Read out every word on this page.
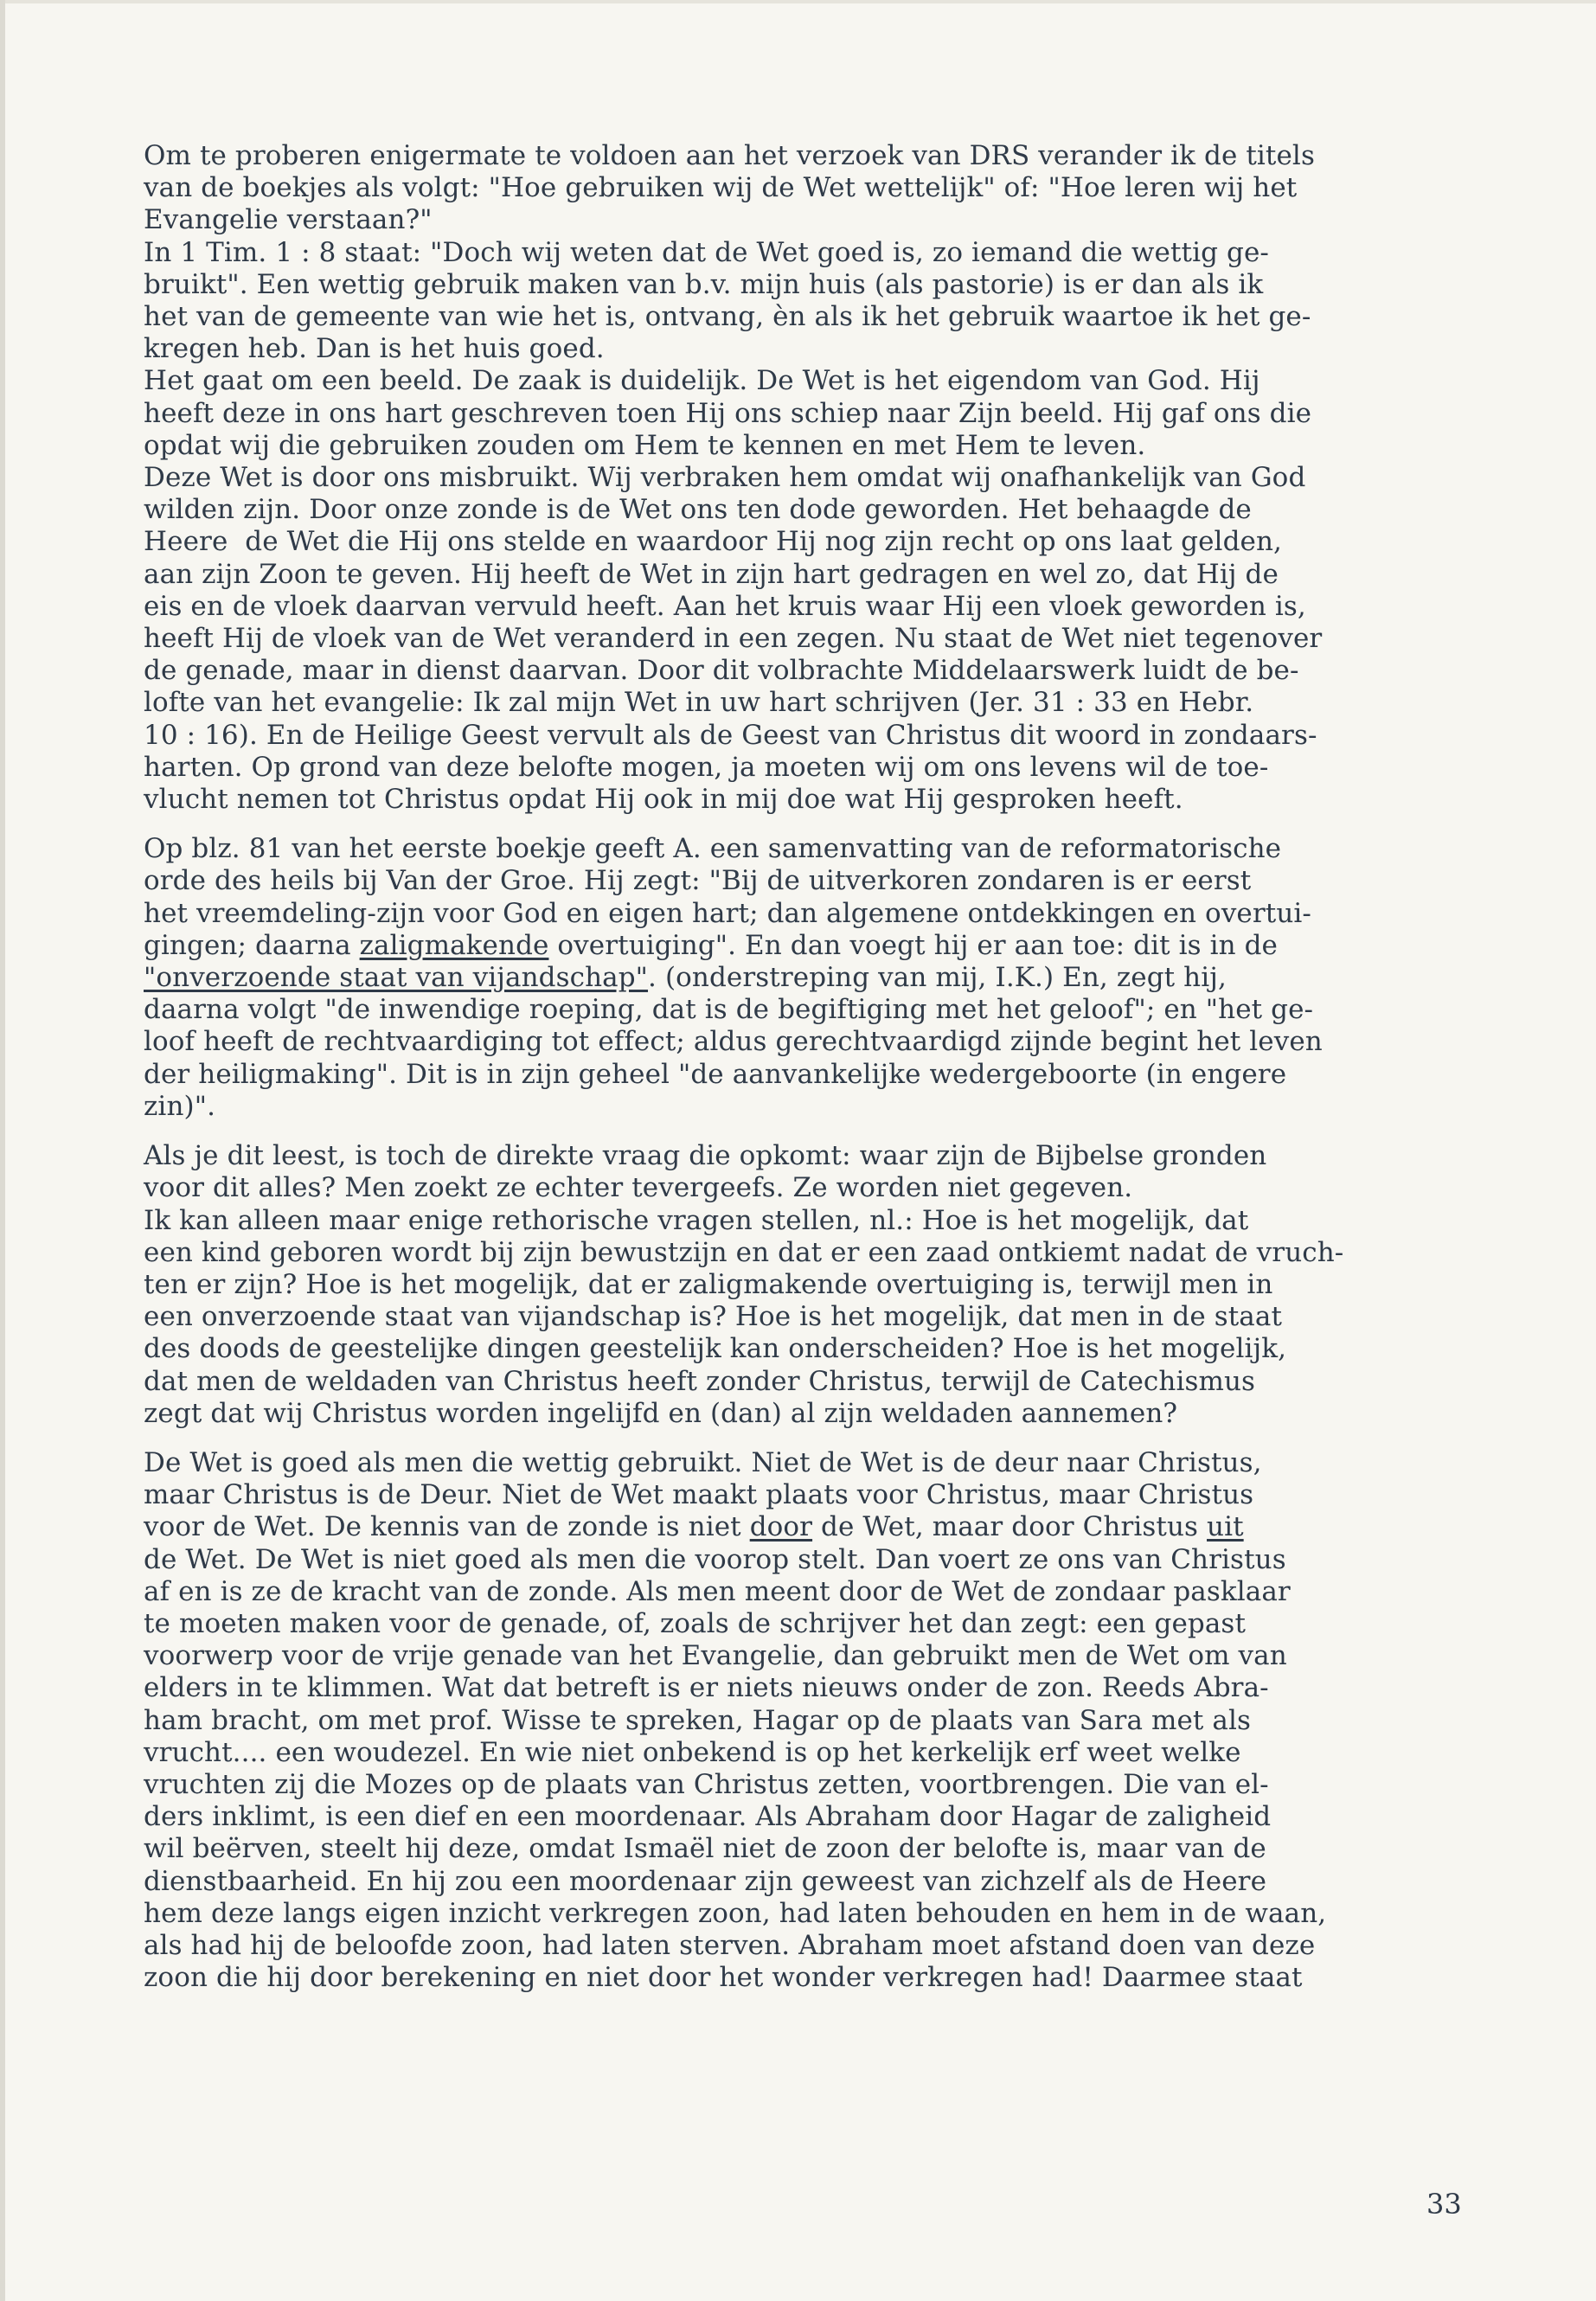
Om te proberen enigermate te voldoen aan het verzoek van DRS verander ik de titels
van de boekjes als volgt: "Hoe gebruiken wij de Wet wettelijk" of: "Hoe leren wij het
Evangelie verstaan?"
In 1 Tim. 1 : 8 staat: "Doch wij weten dat de Wet goed is, zo iemand die wettig ge-
bruikt". Een wettig gebruik maken van b.v. mijn huis (als pastorie) is er dan als ik
het van de gemeente van wie het is, ontvang, èn als ik het gebruik waartoe ik het ge-
kregen heb. Dan is het huis goed.
Het gaat om een beeld. De zaak is duidelijk. De Wet is het eigendom van God. Hij
heeft deze in ons hart geschreven toen Hij ons schiep naar Zijn beeld. Hij gaf ons die
opdat wij die gebruiken zouden om Hem te kennen en met Hem te leven.
Deze Wet is door ons misbruikt. Wij verbraken hem omdat wij onafhankelijk van God
wilden zijn. Door onze zonde is de Wet ons ten dode geworden. Het behaagde de
Heere  de Wet die Hij ons stelde en waardoor Hij nog zijn recht op ons laat gelden,
aan zijn Zoon te geven. Hij heeft de Wet in zijn hart gedragen en wel zo, dat Hij de
eis en de vloek daarvan vervuld heeft. Aan het kruis waar Hij een vloek geworden is,
heeft Hij de vloek van de Wet veranderd in een zegen. Nu staat de Wet niet tegenover
de genade, maar in dienst daarvan. Door dit volbrachte Middelaarswerk luidt de be-
lofte van het evangelie: Ik zal mijn Wet in uw hart schrijven (Jer. 31 : 33 en Hebr.
10 : 16). En de Heilige Geest vervult als de Geest van Christus dit woord in zondaars-
harten. Op grond van deze belofte mogen, ja moeten wij om ons levens wil de toe-
vlucht nemen tot Christus opdat Hij ook in mij doe wat Hij gesproken heeft.
Op blz. 81 van het eerste boekje geeft A. een samenvatting van de reformatorische
orde des heils bij Van der Groe. Hij zegt: "Bij de uitverkoren zondaren is er eerst
het vreemdeling-zijn voor God en eigen hart; dan algemene ontdekkingen en overtui-
gingen; daarna zaligmakende overtuiging". En dan voegt hij er aan toe: dit is in de
"onverzoende staat van vijandschap". (onderstreping van mij, I.K.) En, zegt hij,
daarna volgt "de inwendige roeping, dat is de begiftiging met het geloof"; en "het ge-
loof heeft de rechtvaardiging tot effect; aldus gerechtvaardigd zijnde begint het leven
der heiligmaking". Dit is in zijn geheel "de aanvankelijke wedergeboorte (in engere
zin)".
Als je dit leest, is toch de direkte vraag die opkomt: waar zijn de Bijbelse gronden
voor dit alles? Men zoekt ze echter tevergeefs. Ze worden niet gegeven.
Ik kan alleen maar enige rethorische vragen stellen, nl.: Hoe is het mogelijk, dat
een kind geboren wordt bij zijn bewustzijn en dat er een zaad ontkiemt nadat de vruch-
ten er zijn? Hoe is het mogelijk, dat er zaligmakende overtuiging is, terwijl men in
een onverzoende staat van vijandschap is? Hoe is het mogelijk, dat men in de staat
des doods de geestelijke dingen geestelijk kan onderscheiden? Hoe is het mogelijk,
dat men de weldaden van Christus heeft zonder Christus, terwijl de Catechismus
zegt dat wij Christus worden ingelijfd en (dan) al zijn weldaden aannemen?
De Wet is goed als men die wettig gebruikt. Niet de Wet is de deur naar Christus,
maar Christus is de Deur. Niet de Wet maakt plaats voor Christus, maar Christus
voor de Wet. De kennis van de zonde is niet door de Wet, maar door Christus uit
de Wet. De Wet is niet goed als men die voorop stelt. Dan voert ze ons van Christus
af en is ze de kracht van de zonde. Als men meent door de Wet de zondaar pasklaar
te moeten maken voor de genade, of, zoals de schrijver het dan zegt: een gepast
voorwerp voor de vrije genade van het Evangelie, dan gebruikt men de Wet om van
elders in te klimmen. Wat dat betreft is er niets nieuws onder de zon. Reeds Abra-
ham bracht, om met prof. Wisse te spreken, Hagar op de plaats van Sara met als
vrucht.... een woudezel. En wie niet onbekend is op het kerkelijk erf weet welke
vruchten zij die Mozes op de plaats van Christus zetten, voortbrengen. Die van el-
ders inklimt, is een dief en een moordenaar. Als Abraham door Hagar de zaligheid
wil beërven, steelt hij deze, omdat Ismaël niet de zoon der belofte is, maar van de
dienstbaarheid. En hij zou een moordenaar zijn geweest van zichzelf als de Heere
hem deze langs eigen inzicht verkregen zoon, had laten behouden en hem in de waan,
als had hij de beloofde zoon, had laten sterven. Abraham moet afstand doen van deze
zoon die hij door berekening en niet door het wonder verkregen had! Daarmee staat
33
